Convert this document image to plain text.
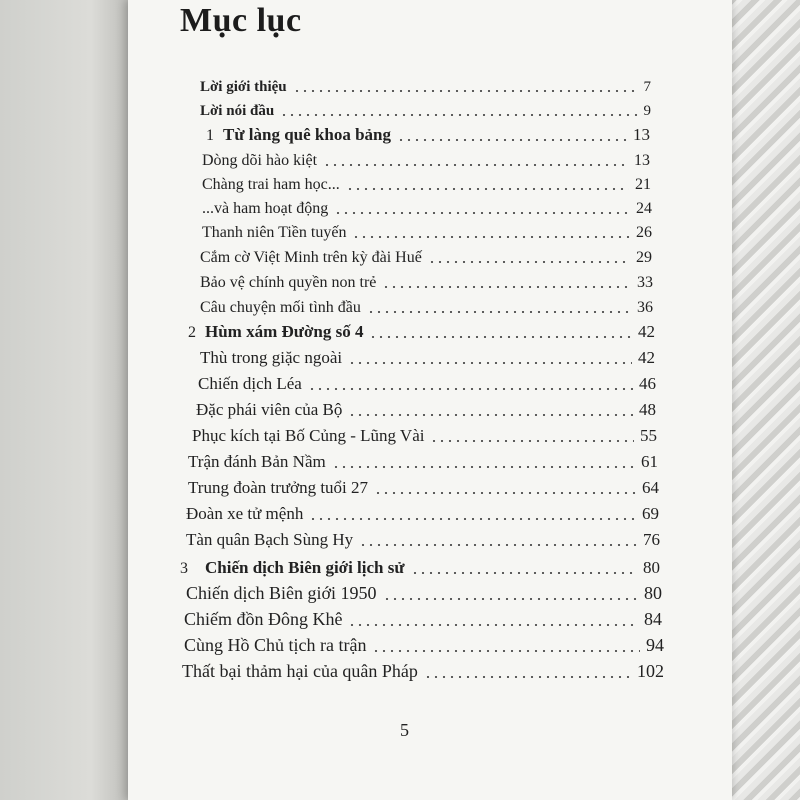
Mục lục
Lời giới thiệu	7
Lời nói đầu	9
1 Từ làng quê khoa bảng	13
Dòng dõi hào kiệt	13
Chàng trai ham học...	21
...và ham hoạt động	24
Thanh niên Tiền tuyến	26
Cắm cờ Việt Minh trên kỳ đài Huế	29
Bảo vệ chính quyền non trẻ	33
Câu chuyện mối tình đầu	36
2 Hùm xám Đường số 4	42
Thù trong giặc ngoài	42
Chiến dịch Léa	46
Đặc phái viên của Bộ	48
Phục kích tại Bố Củng - Lũng Vài	55
Trận đánh Bản Nầm	61
Trung đoàn trưởng tuổi 27	64
Đoàn xe tử mệnh	69
Tàn quân Bạch Sùng Hy	76
3	Chiến dịch Biên giới lịch sử	80
Chiến dịch Biên giới 1950	80
Chiếm đồn Đông Khê	84
Cùng Hồ Chủ tịch ra trận	94
Thất bại thảm hại của quân Pháp	102
5
